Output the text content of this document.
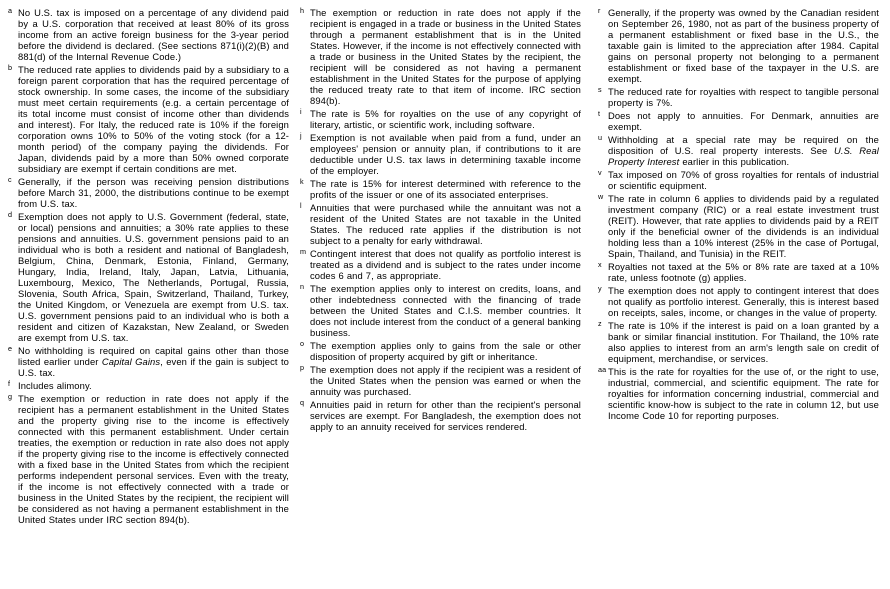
a No U.S. tax is imposed on a percentage of any dividend paid by a U.S. corporation that received at least 80% of its gross income from an active foreign business for the 3-year period before the dividend is declared. (See sections 871(i)(2)(B) and 881(d) of the Internal Revenue Code.)
b The reduced rate applies to dividends paid by a subsidiary to a foreign parent corporation that has the required percentage of stock ownership. In some cases, the income of the subsidiary must meet certain requirements (e.g. a certain percentage of its total income must consist of income other than dividends and interest). For Italy, the reduced rate is 10% if the foreign corporation owns 10% to 50% of the voting stock (for a 12-month period) of the company paying the dividends. For Japan, dividends paid by a more than 50% owned corporate subsidiary are exempt if certain conditions are met.
c Generally, if the person was receiving pension distributions before March 31, 2000, the distributions continue to be exempt from U.S. tax.
d Exemption does not apply to U.S. Government (federal, state, or local) pensions and annuities; a 30% rate applies to these pensions and annuities. U.S. government pensions paid to an individual who is both a resident and national of Bangladesh, Belgium, China, Denmark, Estonia, Finland, Germany, Hungary, India, Ireland, Italy, Japan, Latvia, Lithuania, Luxembourg, Mexico, The Netherlands, Portugal, Russia, Slovenia, South Africa, Spain, Switzerland, Thailand, Turkey, the United Kingdom, or Venezuela are exempt from U.S. tax. U.S. government pensions paid to an individual who is both a resident and citizen of Kazakstan, New Zealand, or Sweden are exempt from U.S. tax.
e No withholding is required on capital gains other than those listed earlier under Capital Gains, even if the gain is subject to U.S. tax.
f Includes alimony.
g The exemption or reduction in rate does not apply if the recipient has a permanent establishment in the United States and the property giving rise to the income is effectively connected with this permanent establishment. Under certain treaties, the exemption or reduction in rate also does not apply if the property giving rise to the income is effectively connected with a fixed base in the United States from which the recipient performs independent personal services. Even with the treaty, if the income is not effectively connected with a trade or business in the United States by the recipient, the recipient will be considered as not having a permanent establishment in the United States under IRC section 894(b).
h The exemption or reduction in rate does not apply if the recipient is engaged in a trade or business in the United States through a permanent establishment that is in the United States. However, if the income is not effectively connected with a trade or business in the United States by the recipient, the recipient will be considered as not having a permanent establishment in the United States for the purpose of applying the reduced treaty rate to that item of income. IRC section 894(b).
i The rate is 5% for royalties on the use of any copyright of literary, artistic, or scientific work, including software.
j Exemption is not available when paid from a fund, under an employees' pension or annuity plan, if contributions to it are deductible under U.S. tax laws in determining taxable income of the employer.
k The rate is 15% for interest determined with reference to the profits of the issuer or one of its associated enterprises.
l Annuities that were purchased while the annuitant was not a resident of the United States are not taxable in the United States. The reduced rate applies if the distribution is not subject to a penalty for early withdrawal.
m Contingent interest that does not qualify as portfolio interest is treated as a dividend and is subject to the rates under income codes 6 and 7, as appropriate.
n The exemption applies only to interest on credits, loans, and other indebtedness connected with the financing of trade between the United States and C.I.S. member countries. It does not include interest from the conduct of a general banking business.
o The exemption applies only to gains from the sale or other disposition of property acquired by gift or inheritance.
p The exemption does not apply if the recipient was a resident of the United States when the pension was earned or when the annuity was purchased.
q Annuities paid in return for other than the recipient's personal services are exempt. For Bangladesh, the exemption does not apply to an annuity received for services rendered.
r Generally, if the property was owned by the Canadian resident on September 26, 1980, not as part of the business property of a permanent establishment or fixed base in the U.S., the taxable gain is limited to the appreciation after 1984. Capital gains on personal property not belonging to a permanent establishment or fixed base of the taxpayer in the U.S. are exempt.
s The reduced rate for royalties with respect to tangible personal property is 7%.
t Does not apply to annuities. For Denmark, annuities are exempt.
u Withholding at a special rate may be required on the disposition of U.S. real property interests. See U.S. Real Property Interest earlier in this publication.
v Tax imposed on 70% of gross royalties for rentals of industrial or scientific equipment.
w The rate in column 6 applies to dividends paid by a regulated investment company (RIC) or a real estate investment trust (REIT). However, that rate applies to dividends paid by a REIT only if the beneficial owner of the dividends is an individual holding less than a 10% interest (25% in the case of Portugal, Spain, Thailand, and Tunisia) in the REIT.
x Royalties not taxed at the 5% or 8% rate are taxed at a 10% rate, unless footnote (g) applies.
y The exemption does not apply to contingent interest that does not qualify as portfolio interest. Generally, this is interest based on receipts, sales, income, or changes in the value of property.
z The rate is 10% if the interest is paid on a loan granted by a bank or similar financial institution. For Thailand, the 10% rate also applies to interest from an arm's length sale on credit of equipment, merchandise, or services.
aa This is the rate for royalties for the use of, or the right to use, industrial, commercial, and scientific equipment. The rate for royalties for information concerning industrial, commercial and scientific know-how is subject to the rate in column 12, but use Income Code 10 for reporting purposes.
